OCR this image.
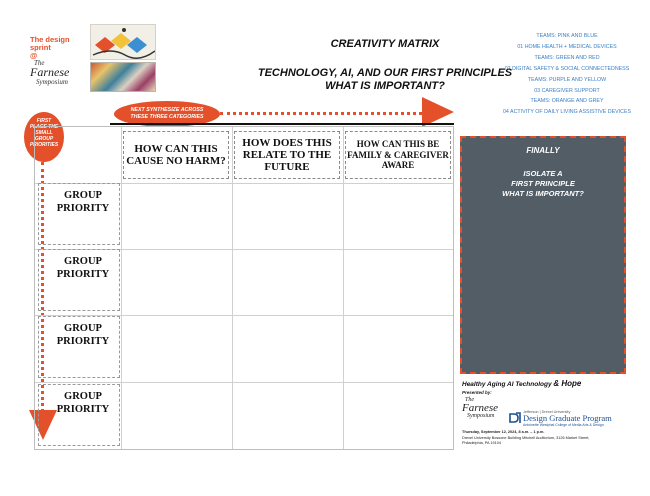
The design
sprint
@
The
Farnese
Symposium
CREATIVITY MATRIX
TECHNOLOGY, AI, AND OUR FIRST PRINCIPLES
WHAT IS IMPORTANT?
TEAMS: PINK AND BLUE
01 HOME HEALTH + MEDICAL DEVICES
TEAMS: GREEN AND RED
02 DIGITAL SAFETY & SOCIAL CONNECTEDNESS
TEAMS: PURPLE AND YELLOW
03 CAREGIVER SUPPORT
TEAMS: ORANGE AND GREY
04 ACTIVITY OF DAILY LIVING ASSISTIVE DEVICES
NEXT SYNTHESIZE ACROSS
THESE THREE CATEGORIES
FIRST
PLACE THE
SMALL
GROUP
PRIORITIES	HOW CAN THIS CAUSE NO HARM?
HOW DOES THIS RELATE TO THE FUTURE
HOW CAN THIS BE FAMILY & CAREGIVER AWARE
GROUP
PRIORITY
GROUP
PRIORITY
GROUP
PRIORITY
GROUP
PRIORITY
FINALLY
ISOLATE A
FIRST PRINCIPLE
WHAT IS IMPORTANT?
Healthy Aging AI Technology & Hope
Presented by:
The
Farnese
Symposium
Jefferson | Drexel University
Design Graduate Program
Antoinette Westphal College of Media Arts & Design
Thursday, September 12, 2024, 8 a.m. – 1 p.m.
Drexel University Bossone Building Mitchell Auditorium, 3126 Market Street,
Philadelphia, PA 19104
